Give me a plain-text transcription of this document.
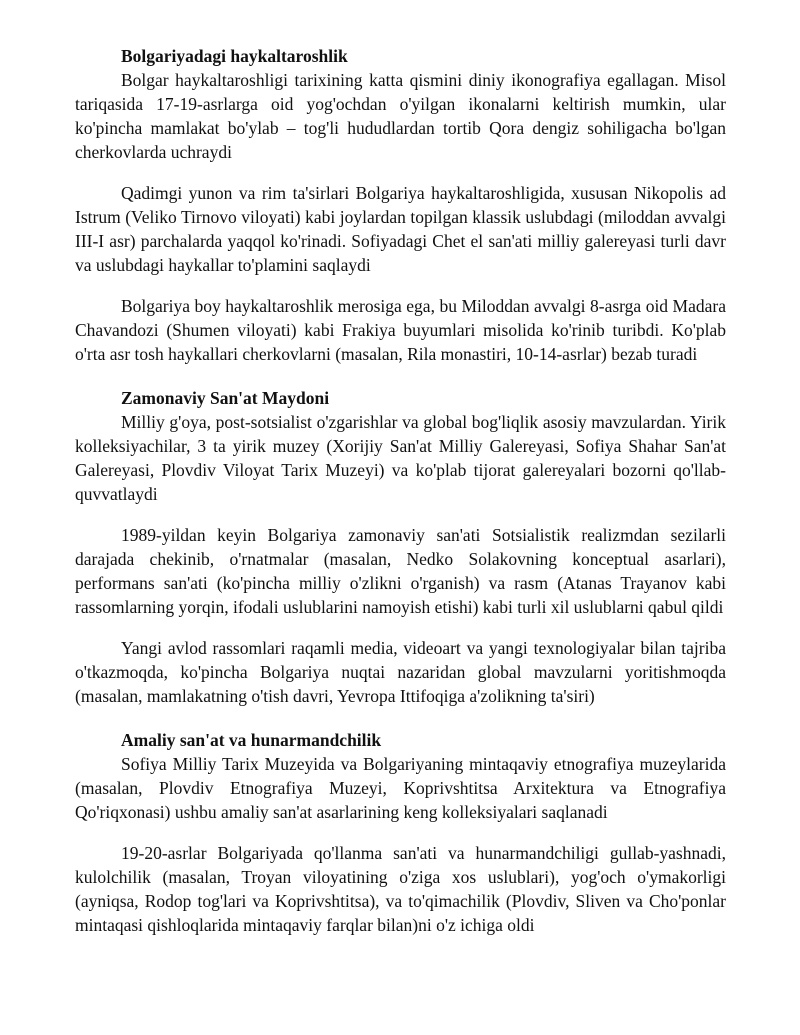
Bolgariyadagi haykaltaroshlik

Bolgar haykaltaroshligi tarixining katta qismini diniy ikonografiya egallagan. Misol tariqasida 17-19-asrlarga oid yog'ochdan o'yilgan ikonalarni keltirish mumkin, ular ko'pincha mamlakat bo'ylab – tog'li hududlardan tortib Qora dengiz sohiligacha bo'lgan cherkovlarda uchraydi

Qadimgi yunon va rim ta'sirlari Bolgariya haykaltaroshligida, xususan Nikopolis ad Istrum (Veliko Tirnovo viloyati) kabi joylardan topilgan klassik uslubdagi (miloddan avvalgi III-I asr) parchalarda yaqqol ko'rinadi. Sofiyadagi Chet el san'ati milliy galereyasi turli davr va uslubdagi haykallar to'plamini saqlaydi

Bolgariya boy haykaltaroshlik merosiga ega, bu Miloddan avvalgi 8-asrga oid Madara Chavandozi (Shumen viloyati) kabi Frakiya buyumlari misolida ko'rinib turibdi. Ko'plab o'rta asr tosh haykallari cherkovlarni (masalan, Rila monastiri, 10-14-asrlar) bezab turadi

Zamonaviy San'at Maydoni

Milliy g'oya, post-sotsialist o'zgarishlar va global bog'liqlik asosiy mavzulardan. Yirik kolleksiyachilar, 3 ta yirik muzey (Xorijiy San'at Milliy Galereyasi, Sofiya Shahar San'at Galereyasi, Plovdiv Viloyat Tarix Muzeyi) va ko'plab tijorat galereyalari bozorni qo'llab-quvvatlaydi

1989-yildan keyin Bolgariya zamonaviy san'ati Sotsialistik realizmdan sezilarli darajada chekinib, o'rnatmalar (masalan, Nedko Solakovning konceptual asarlari), performans san'ati (ko'pincha milliy o'zlikni o'rganish) va rasm (Atanas Trayanov kabi rassomlarning yorqin, ifodali uslublarini namoyish etishi) kabi turli xil uslublarni qabul qildi

Yangi avlod rassomlari raqamli media, videoart va yangi texnologiyalar bilan tajriba o'tkazmoqda, ko'pincha Bolgariya nuqtai nazaridan global mavzularni yoritishmoqda (masalan, mamlakatning o'tish davri, Yevropa Ittifoqiga a'zolikning ta'siri)

Amaliy san'at va hunarmandchilik

Sofiya Milliy Tarix Muzeyida va Bolgariyaning mintaqaviy etnografiya muzeylarida (masalan, Plovdiv Etnografiya Muzeyi, Koprivshtitsa Arxitektura va Etnografiya Qo'riqxonasi) ushbu amaliy san'at asarlarining keng kolleksiyalari saqlanadi

19-20-asrlar Bolgariyada qo'llanma san'ati va hunarmandchiligi gullab-yashnadi, kulolchilik (masalan, Troyan viloyatining o'ziga xos uslublari), yog'och o'ymakorligi (ayniqsa, Rodop tog'lari va Koprivshtitsa), va to'qimachilik (Plovdiv, Sliven va Cho'ponlar mintaqasi qishloqlarida mintaqaviy farqlar bilan)ni o'z ichiga oldi
